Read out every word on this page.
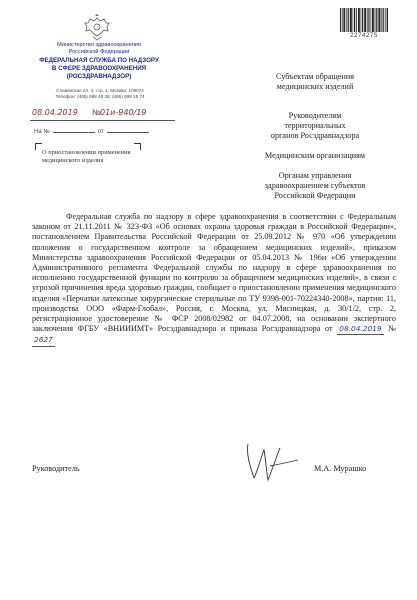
Министерство здравоохранения
Российской Федерации
ФЕДЕРАЛЬНАЯ СЛУЖБА ПО НАДЗОРУ
В СФЕРЕ ЗДРАВООХРАНЕНИЯ
(РОСЗДРАВНАДЗОР)
Славянская пл. 4, стр. 1, Москва, 109074
Телефон: (495) 698 45 38; (495) 698 15 74
08.04.2019	№ 01и-940/19
На №	от
О приостановлении применения
медицинского изделия
2274275
Субъектам обращения
медицинских изделий
Руководителям
территориальных
органов Росздравнадзора
Медицинским организациям
Органам управления
здравоохранением субъектов
Российской Федерации
Федеральная служба по надзору в сфере здравоохранения в соответствии с Федеральным законом от 21.11.2011 № 323-ФЗ «Об основах охраны здоровья граждан в Российской Федерации», постановлением Правительства Российской Федерации от 25.09.2012 № 970 «Об утверждении положения о государственном контроле за обращением медицинских изделий», приказом Министерства здравоохранения Российской Федерации от 05.04.2013 № 196н «Об утверждении Административного регламента Федеральной службы по надзору в сфере здравоохранения по исполнению государственной функции по контролю за обращением медицинских изделий», в связи с угрозой причинения вреда здоровью граждан, сообщает о приостановлении применения медицинского изделия «Перчатки латексные хирургические стерильные по ТУ 9398-001-70224340-2008», партия: 11, производства ООО «Фарм-Глобал», Россия, г. Москва, ул. Мясницкая, д. 30/1/2, стр. 2, регистрационное удостоверение № ФСР 2008/02982 от 04.07.2008, на основании экспертного заключения ФГБУ «ВНИИИМТ» Росздравнадзора и приказа Росздравнадзора от 08.04.2019 № 2627
Руководитель	М.А. Мурашко
